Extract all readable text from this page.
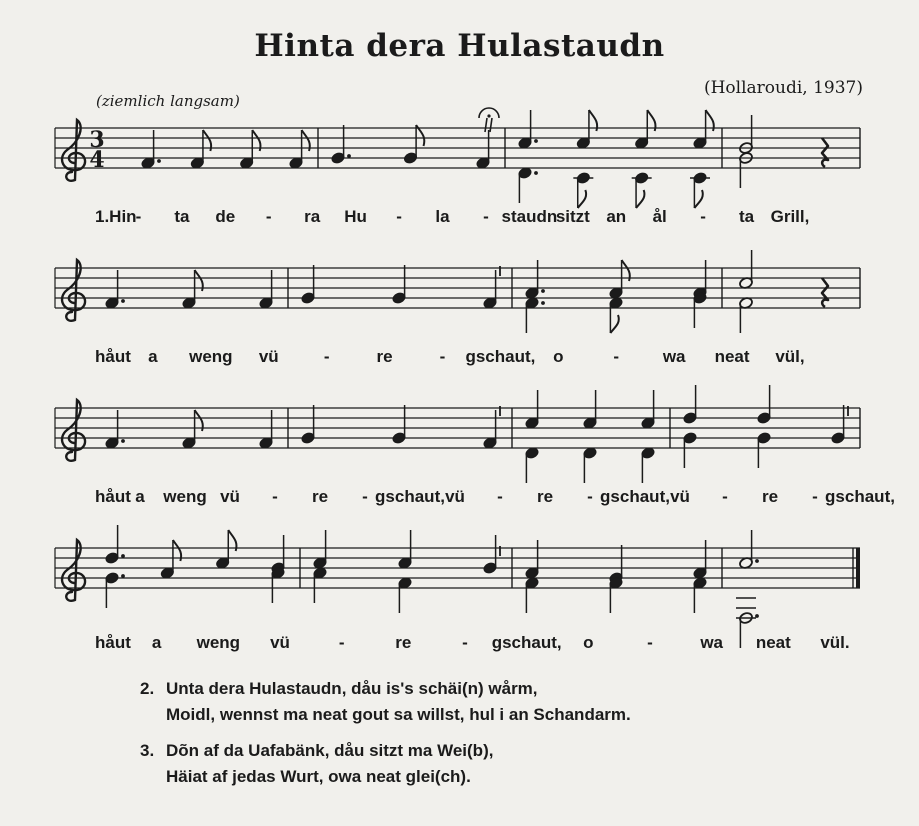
Hinta dera Hulastaudn
(Hollaroudi, 1937)
(ziemlich langsam)
3
4
1.Hin - ta de - ra Hu - la - staudn
sitzt an ål - ta Grill,
håut a weng vü	-	re	- gschaut, o	-	wa neat vül,
håut a weng vü - re - gschaut, vü - re - gschaut, vü - re - gschaut,
håut a weng vü	-	re	- gschaut, o	-	wa neat vül.
2. Unta dera Hulastaudn, dåu is's schäi(n) wårm,
Moidl, wennst ma neat gout sa willst, hul i an Schandarm.
3. Dõn af da Uafabänk, dåu sitzt ma Wei(b),
Häiat af jedas Wurt, owa neat glei(ch).
